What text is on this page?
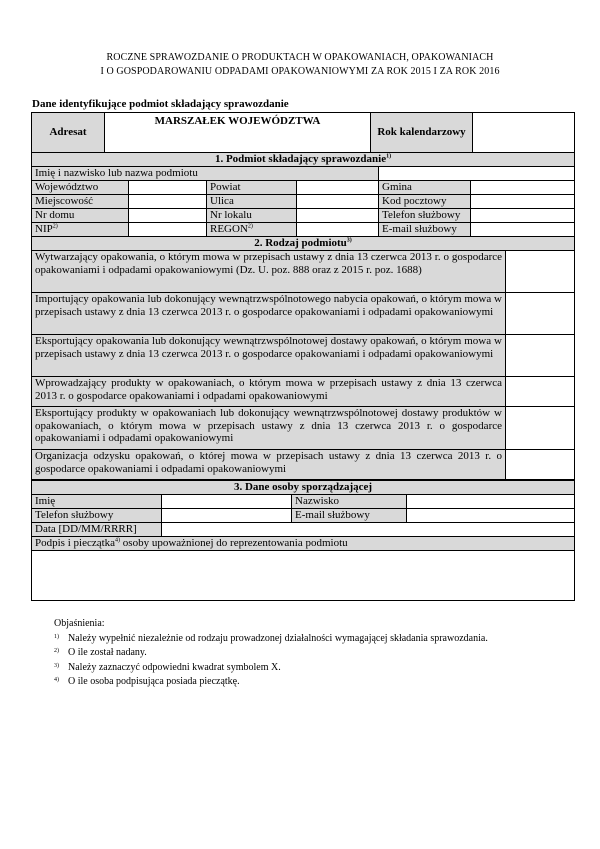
ROCZNE SPRAWOZDANIE O PRODUKTACH W OPAKOWANIACH, OPAKOWANIACH
I O GOSPODAROWANIU ODPADAMI OPAKOWANIOWYMI ZA ROK 2015 I ZA ROK 2016
Dane identyfikujące podmiot składający sprawozdanie
Adresat	MARSZAŁEK WOJEWÓDZTWA	Rok kalendarzowy	
1. Podmiot składający sprawozdanie$^{1)}$
Imię i nazwisko lub nazwa podmiotu					
Województwo		Powiat		Gmina	
Miejscowość		Ulica		Kod pocztowy	
Nr domu		Nr lokalu		Telefon służbowy	
NIP$^{2)}$		REGON$^{2)}$		E-mail służbowy	
2. Rodzaj podmiotu$^{3)}$
Wytwarzający opakowania, o którym mowa w przepisach ustawy z dnia 13 czerwca 2013 r. o gospodarce opakowaniami i odpadami opakowaniowymi (Dz. U. poz. 888 oraz z 2015 r. poz. 1688)	
Importujący opakowania lub dokonujący wewnątrzwspólnotowego nabycia opakowań, o którym mowa w przepisach ustawy z dnia 13 czerwca 2013 r. o gospodarce opakowaniami i odpadami opakowaniowymi	
Eksportujący opakowania lub dokonujący wewnątrzwspólnotowej dostawy opakowań, o którym mowa w przepisach ustawy z dnia 13 czerwca 2013 r. o gospodarce opakowaniami i odpadami opakowaniowymi	
Wprowadzający produkty w opakowaniach, o którym mowa w przepisach ustawy z dnia 13 czerwca 2013 r. o gospodarce opakowaniami i odpadami opakowaniowymi	
Eksportujący produkty w opakowaniach lub dokonujący wewnątrzwspólnotowej dostawy produktów w opakowaniach, o którym mowa w przepisach ustawy z dnia 13 czerwca 2013 r. o gospodarce opakowaniami i odpadami opakowaniowymi	
Organizacja odzysku opakowań, o której mowa w przepisach ustawy z dnia 13 czerwca 2013 r. o gospodarce opakowaniami i odpadami opakowaniowymi	
3. Dane osoby sporządzającej			
Imię		Nazwisko	
Telefon służbowy		E-mail służbowy	
Data [DD/MM/RRRR]			
Podpis i pieczątka$^{4)}$ osoby upoważnionej do reprezentowania podmiotu			

Objaśnienia:
1) Należy wypełnić niezależnie od rodzaju prowadzonej działalności wymagającej składania sprawozdania.
2) O ile został nadany.
3) Należy zaznaczyć odpowiedni kwadrat symbolem X.
4) O ile osoba podpisująca posiada pieczątkę.
